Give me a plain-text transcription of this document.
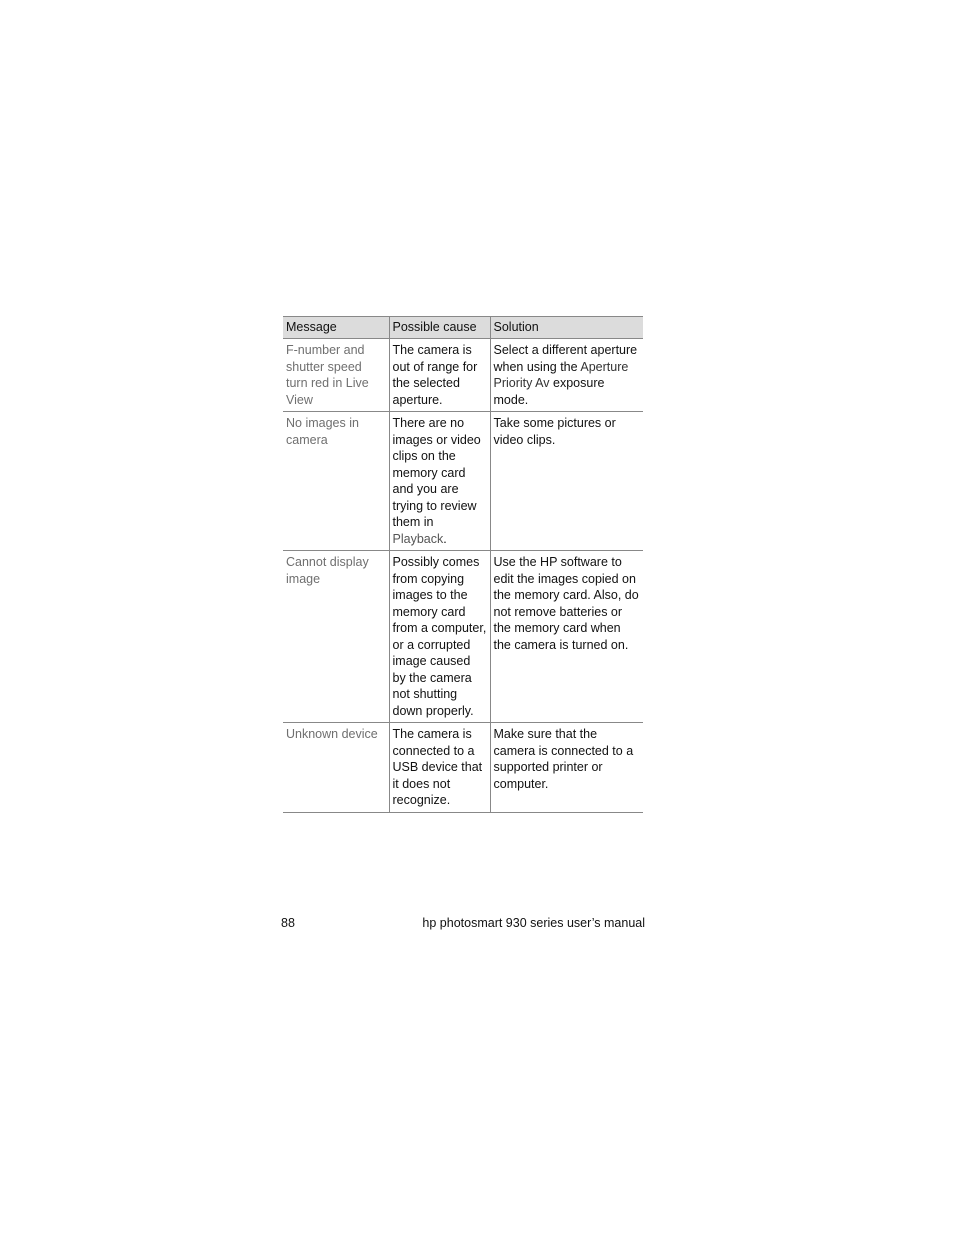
Message	Possible cause	Solution
F-number and shutter speed turn red in Live View	The camera is out of range for the selected aperture.	Select a different aperture when using the Aperture Priority Av exposure mode.
No images in camera	There are no images or video clips on the memory card and you are trying to review them in Playback.	Take some pictures or video clips.
Cannot display image	Possibly comes from copying images to the memory card from a computer, or a corrupted image caused by the camera not shutting down properly.	Use the HP software to edit the images copied on the memory card. Also, do not remove batteries or the memory card when the camera is turned on.
Unknown device	The camera is connected to a USB device that it does not recognize.	Make sure that the camera is connected to a supported printer or computer.
88	hp photosmart 930 series user’s manual
